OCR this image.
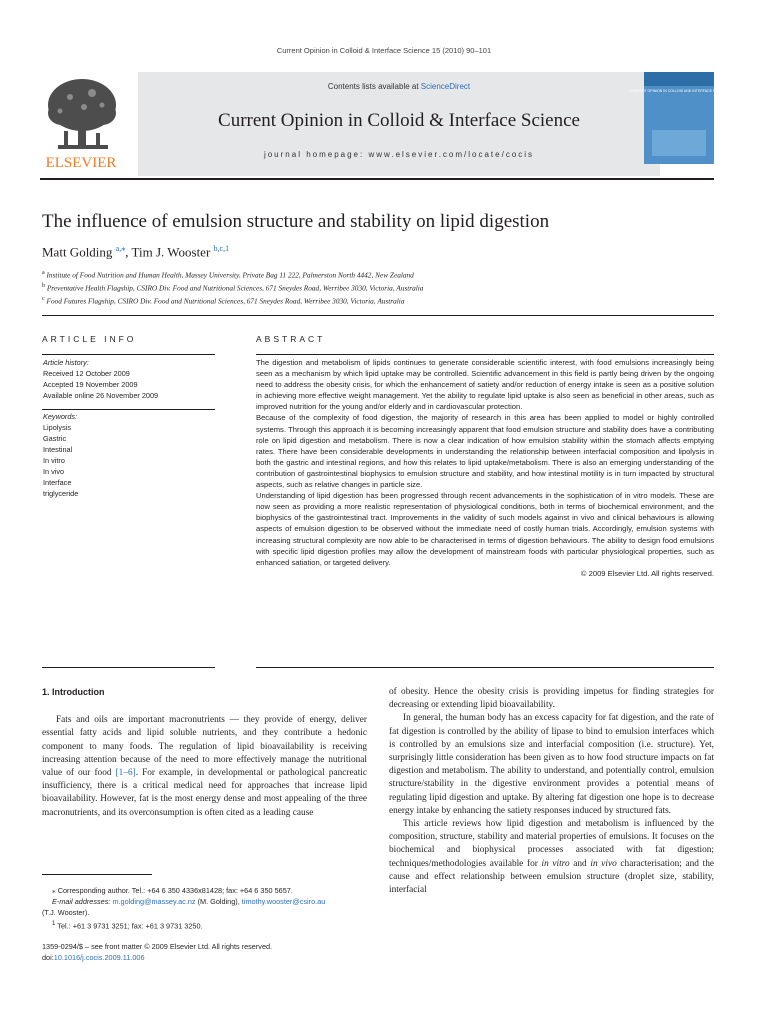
Current Opinion in Colloid & Interface Science 15 (2010) 90–101
ELSEVIER
Contents lists available at ScienceDirect
Current Opinion in Colloid & Interface Science
journal homepage: www.elsevier.com/locate/cocis
CURRENT OPINION IN COLLOID AND INTERFACE SCIENCE
The influence of emulsion structure and stability on lipid digestion
Matt Golding $^{a,⁎}$, Tim J. Wooster $^{b,c,1}$
$^a$ Institute of Food Nutrition and Human Health, Massey University, Private Bag 11 222, Palmerston North 4442, New Zealand
$^b$ Preventative Health Flagship, CSIRO Div. Food and Nutritional Sciences, 671 Sneydes Road, Werribee 3030, Victoria, Australia
$^c$ Food Futures Flagship, CSIRO Div. Food and Nutritional Sciences, 671 Sneydes Road, Werribee 3030, Victoria, Australia
ARTICLE INFO	ABSTRACT
Article history:
Received 12 October 2009
Accepted 19 November 2009
Available online 26 November 2009
Keywords:
Lipolysis
Gastric
Intestinal
In vitro
In vivo
Interface
triglyceride

The digestion and metabolism of lipids continues to generate considerable scientific interest, with food emulsions increasingly being seen as a mechanism by which lipid uptake may be controlled. Scientific advancement in this field is partly being driven by the ongoing need to address the obesity crisis, for which the enhancement of satiety and/or reduction of energy intake is seen as a positive solution in achieving more effective weight management. Yet the ability to regulate lipid uptake is also seen as beneficial in other areas, such as improved nutrition for the young and/or elderly and in cardiovascular protection.

Because of the complexity of food digestion, the majority of research in this area has been applied to model or highly controlled systems. Through this approach it is becoming increasingly apparent that food emulsion structure and stability does have a contributing role on lipid digestion and metabolism. There is now a clear indication of how emulsion stability within the stomach affects emptying rates. There have been considerable developments in understanding the relationship between interfacial composition and lipolysis in both the gastric and intestinal regions, and how this relates to lipid uptake/metabolism. There is also an emerging understanding of the contribution of gastrointestinal biophysics to emulsion structure and stability, and how intestinal motility is in turn impacted by structural aspects, such as relative changes in particle size.

Understanding of lipid digestion has been progressed through recent advancements in the sophistication of in vitro models. These are now seen as providing a more realistic representation of physiological conditions, both in terms of biochemical environment, and the biophysics of the gastrointestinal tract. Improvements in the validity of such models against in vivo and clinical behaviours is allowing aspects of emulsion digestion to be observed without the immediate need of costly human trials. Accordingly, emulsion systems with increasing structural complexity are now able to be characterised in terms of digestion behaviours. The ability to design food emulsions with specific lipid digestion profiles may allow the development of mainstream foods with particular physiological properties, such as enhanced satiation, or targeted delivery.

© 2009 Elsevier Ltd. All rights reserved.

1. Introduction

Fats and oils are important macronutrients — they provide of energy, deliver essential fatty acids and lipid soluble nutrients, and they contribute a hedonic component to many foods. The regulation of lipid bioavailability is receiving increasing attention because of the need to more effectively manage the nutritional value of our food [1–6]. For example, in developmental or pathological pancreatic insufficiency, there is a critical medical need for approaches that increase lipid bioavailability. However, fat is the most energy dense and most appealing of the three macronutrients, and its overconsumption is often cited as a leading cause

⁎ Corresponding author. Tel.: +64 6 350 4336x81428; fax: +64 6 350 5657.
E-mail addresses: m.golding@massey.ac.nz (M. Golding), timothy.wooster@csiro.au
(T.J. Wooster).
$^1$ Tel.: +61 3 9731 3251; fax: +61 3 9731 3250.
1359-0294/$ – see front matter © 2009 Elsevier Ltd. All rights reserved.
doi:10.1016/j.cocis.2009.11.006

of obesity. Hence the obesity crisis is providing impetus for finding strategies for decreasing or extending lipid bioavailability.

In general, the human body has an excess capacity for fat digestion, and the rate of fat digestion is controlled by the ability of lipase to bind to emulsion interfaces which is controlled by an emulsions size and interfacial composition (i.e. structure). Yet, surprisingly little consideration has been given as to how food structure impacts on fat digestion and metabolism. The ability to understand, and potentially control, emulsion structure/stability in the digestive environment provides a potential means of regulating lipid digestion and uptake. By altering fat digestion one hope is to decrease energy intake by enhancing the satiety responses induced by structured fats.

This article reviews how lipid digestion and metabolism is influenced by the composition, structure, stability and material properties of emulsions. It focuses on the biochemical and biophysical processes associated with fat digestion; techniques/methodologies available for in vitro and in vivo characterisation; and the cause and effect relationship between emulsion structure (droplet size, stability, interfacial
